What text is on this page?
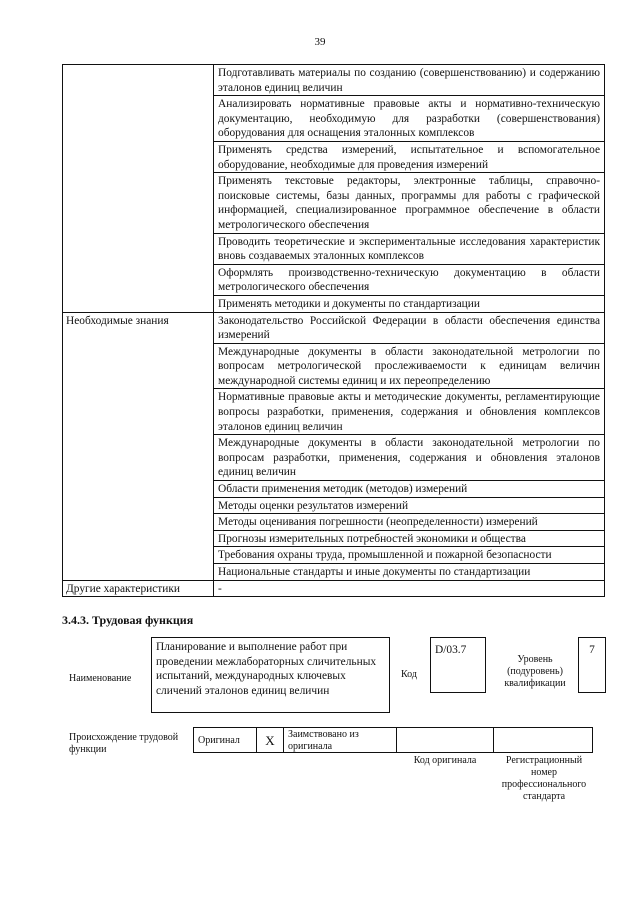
39
	Подготавливать материалы по созданию (совершенствованию) и содержанию эталонов единиц величин
	Анализировать нормативные правовые акты и нормативно-техническую документацию, необходимую для разработки (совершенствования) оборудования для оснащения эталонных комплексов
	Применять средства измерений, испытательное и вспомогательное оборудование, необходимые для проведения измерений
	Применять текстовые редакторы, электронные таблицы, справочно-поисковые системы, базы данных, программы для работы с графической информацией, специализированное программное обеспечение в области метрологического обеспечения
	Проводить теоретические и экспериментальные исследования характеристик вновь создаваемых эталонных комплексов
	Оформлять производственно-техническую документацию в области метрологического обеспечения
	Применять методики и документы по стандартизации
Необходимые знания	Законодательство Российской Федерации в области обеспечения единства измерений
	Международные документы в области законодательной метрологии по вопросам метрологической прослеживаемости к единицам величин международной системы единиц и их переопределению
	Нормативные правовые акты и методические документы, регламентирующие вопросы разработки, применения, содержания и обновления комплексов эталонов единиц величин
	Международные документы в области законодательной метрологии по вопросам разработки, применения, содержания и обновления эталонов единиц величин
	Области применения методик (методов) измерений
	Методы оценки результатов измерений
	Методы оценивания погрешности (неопределенности) измерений
	Прогнозы измерительных потребностей экономики и общества
	Требования охраны труда, промышленной и пожарной безопасности
	Национальные стандарты и иные документы по стандартизации
Другие характеристики	-
3.4.3. Трудовая функция
Наименование
Планирование и выполнение работ при проведении межлабораторных сличительных испытаний, международных ключевых сличений эталонов единиц величин
Код
D/03.7
Уровень (подуровень) квалификации
7
Происхождение трудовой функции
Оригинал	X	Заимствовано из оригинала
Код оригинала	Регистрационный номер профессионального стандарта
